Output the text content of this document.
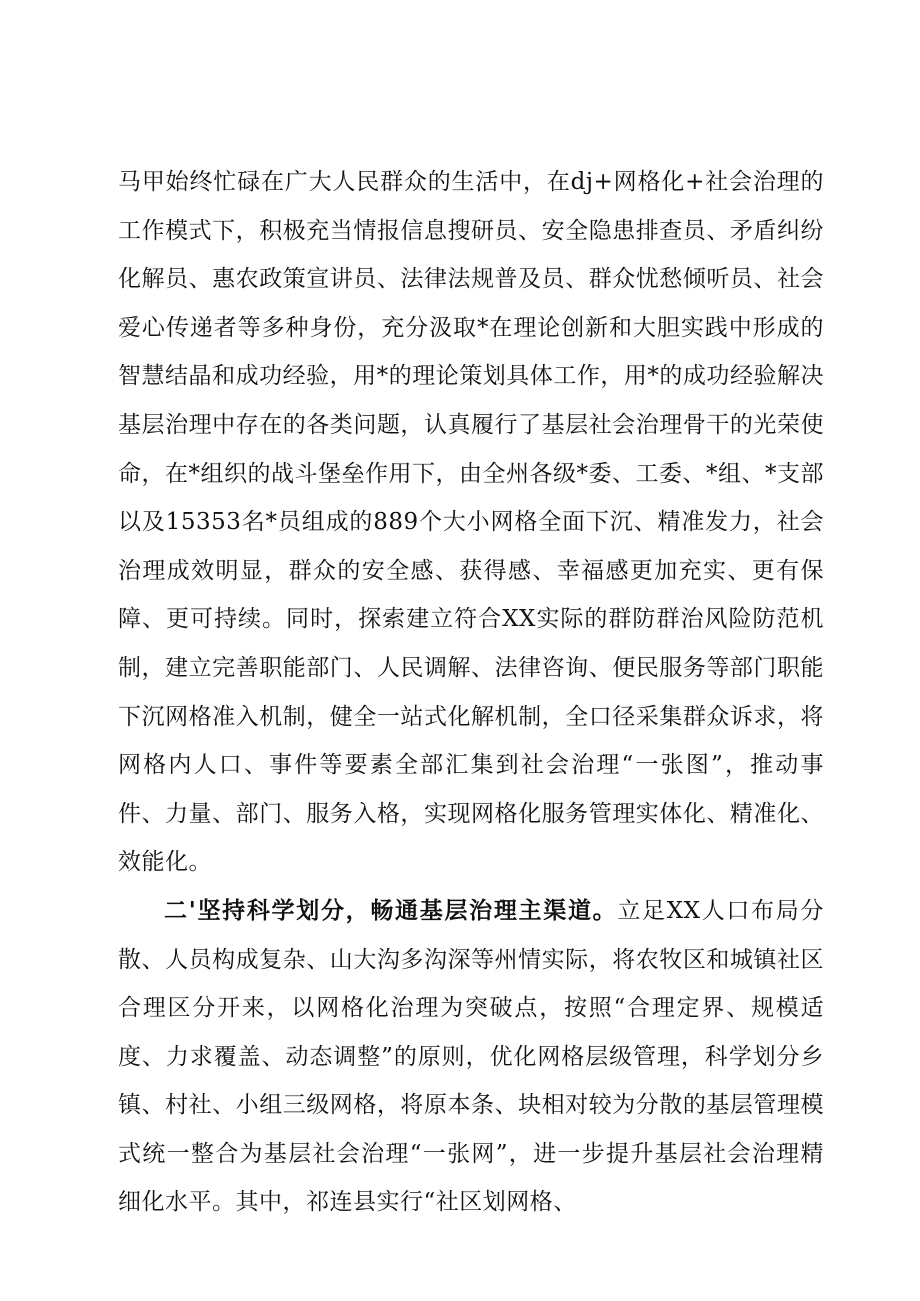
马甲始终忙碌在广大人民群众的生活中，在dj+网格化+社会治理的工作模式下，积极充当情报信息搜研员、安全隐患排查员、矛盾纠纷化解员、惠农政策宣讲员、法律法规普及员、群众忧愁倾听员、社会爱心传递者等多种身份，充分汲取*在理论创新和大胆实践中形成的智慧结晶和成功经验，用*的理论策划具体工作，用*的成功经验解决基层治理中存在的各类问题，认真履行了基层社会治理骨干的光荣使命，在*组织的战斗堡垒作用下，由全州各级*委、工委、*组、*支部以及15353名*员组成的889个大小网格全面下沉、精准发力，社会治理成效明显，群众的安全感、获得感、幸福感更加充实、更有保障、更可持续。同时，探索建立符合XX实际的群防群治风险防范机制，建立完善职能部门、人民调解、法律咨询、便民服务等部门职能下沉网格准入机制，健全一站式化解机制，全口径采集群众诉求，将网格内人口、事件等要素全部汇集到社会治理“一张图”，推动事件、力量、部门、服务入格，实现网格化服务管理实体化、精准化、效能化。

二'坚持科学划分，畅通基层治理主渠道。立足XX人口布局分散、人员构成复杂、山大沟多沟深等州情实际，将农牧区和城镇社区合理区分开来，以网格化治理为突破点，按照“合理定界、规模适度、力求覆盖、动态调整”的原则，优化网格层级管理，科学划分乡镇、村社、小组三级网格，将原本条、块相对较为分散的基层管理模式统一整合为基层社会治理“一张网”，进一步提升基层社会治理精细化水平。其中，祁连县实行“社区划网格、
